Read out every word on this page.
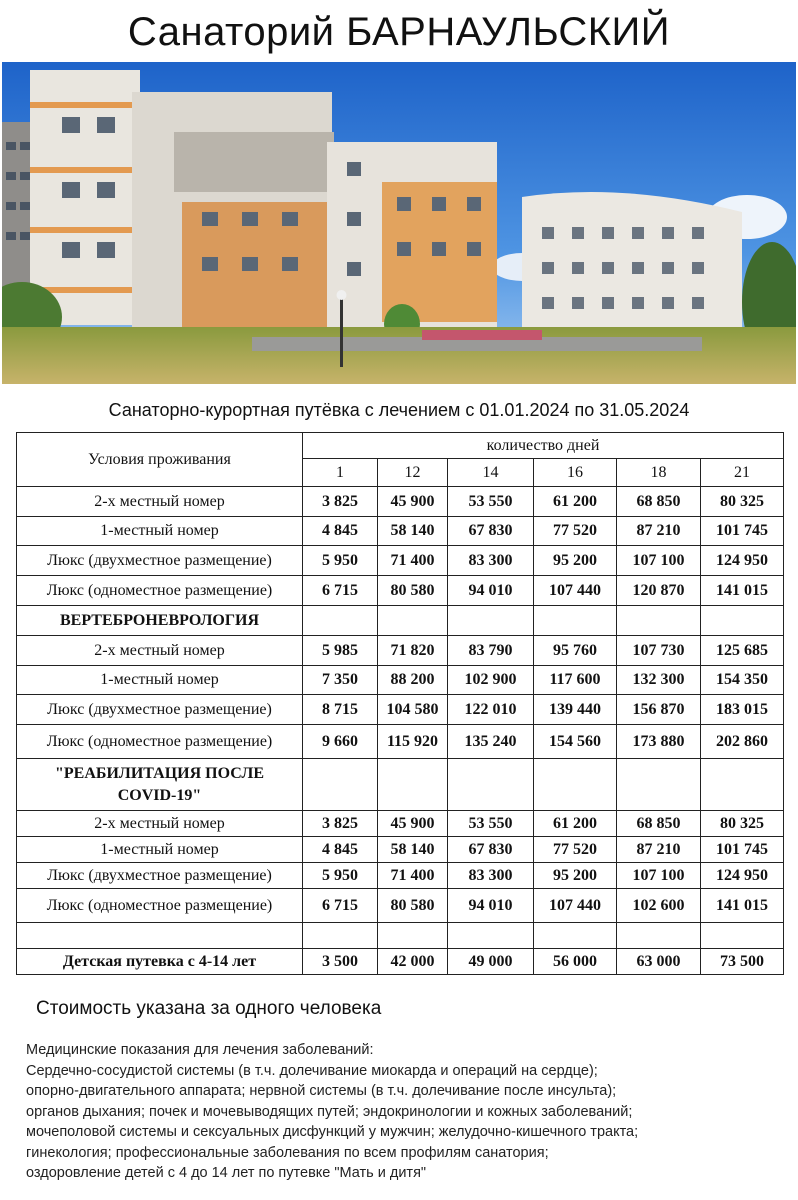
Санаторий БАРНАУЛЬСКИЙ
Санаторно-курортная путёвка с лечением с 01.01.2024 по 31.05.2024
Условия проживания	количество дней					
	1	12	14	16	18	21
2-х местный номер	3 825	45 900	53 550	61 200	68 850	80 325
1-местный номер	4 845	58 140	67 830	77 520	87 210	101 745
Люкс (двухместное размещение)	5 950	71 400	83 300	95 200	107 100	124 950
Люкс (одноместное размещение)	6 715	80 580	94 010	107 440	120 870	141 015
ВЕРТЕБРОНЕВРОЛОГИЯ						
2-х местный номер	5 985	71 820	83 790	95 760	107 730	125 685
1-местный номер	7 350	88 200	102 900	117 600	132 300	154 350
Люкс (двухместное размещение)	8 715	104 580	122 010	139 440	156 870	183 015
Люкс (одноместное размещение)	9 660	115 920	135 240	154 560	173 880	202 860

"РЕАБИЛИТАЦИЯ ПОСЛЕ
COVID-19"						

2-х местный номер	3 825	45 900	53 550	61 200	68 850	80 325
1-местный номер	4 845	58 140	67 830	77 520	87 210	101 745
Люкс (двухместное размещение)	5 950	71 400	83 300	95 200	107 100	124 950
Люкс (одноместное размещение)	6 715	80 580	94 010	107 440	102 600	141 015

Детская путевка с 4-14 лет	3 500	42 000	49 000	56 000	63 000	73 500
Стоимость указана за одного человека
Медицинские показания для лечения заболеваний:
Сердечно-сосудистой системы (в т.ч. долечивание миокарда и операций на сердце);
опорно-двигательного аппарата; нервной системы (в т.ч. долечивание после инсульта);
органов дыхания; почек и мочевыводящих путей; эндокринологии и кожных заболеваний;
мочеполовой системы и сексуальных дисфункций у мужчин; желудочно-кишечного тракта;
гинекология; профессиональные заболевания по всем профилям санатория;
оздоровление детей с 4 до 14 лет по путевке "Мать и дитя"
